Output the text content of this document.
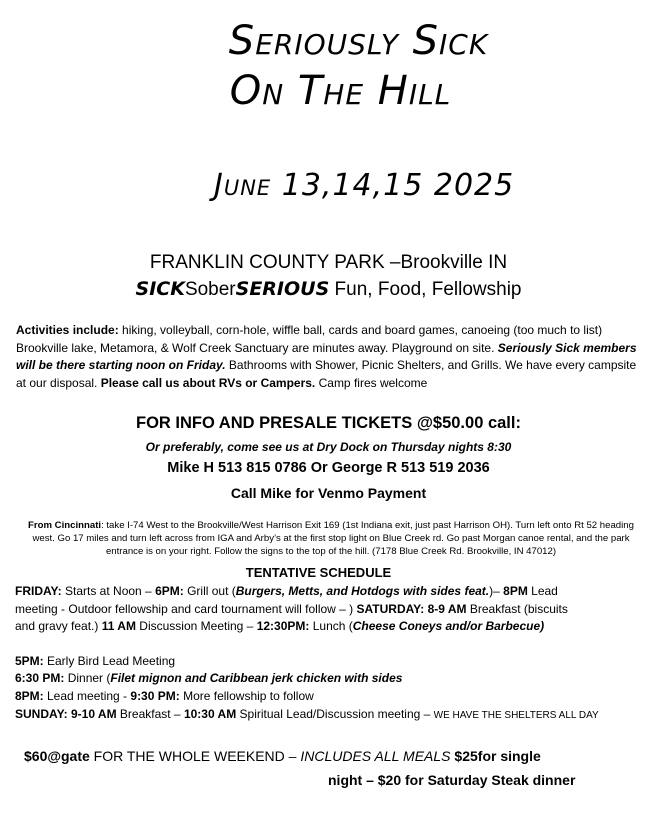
Seriously Sick
On The Hill
June 13,14,15 2025
FRANKLIN COUNTY PARK –Brookville IN
SICKSoberSERIOUS Fun, Food, Fellowship
Activities include: hiking, volleyball, corn-hole, wiffle ball, cards and board games, canoeing (too much to list) Brookville lake, Metamora, & Wolf Creek Sanctuary are minutes away. Playground on site. Seriously Sick members will be there starting noon on Friday. Bathrooms with Shower, Picnic Shelters, and Grills. We have every campsite at our disposal. Please call us about RVs or Campers. Camp fires welcome
FOR INFO AND PRESALE TICKETS @$50.00 call:
Or preferably, come see us at Dry Dock on Thursday nights 8:30
Mike H 513 815 0786 Or George R 513 519 2036
Call Mike for Venmo Payment
From Cincinnati: take I-74 West to the Brookville/West Harrison Exit 169 (1st Indiana exit, just past Harrison OH). Turn left onto Rt 52 heading west. Go 17 miles and turn left across from IGA and Arby’s at the first stop light on Blue Creek rd. Go past Morgan canoe rental, and the park entrance is on your right. Follow the signs to the top of the hill. (7178 Blue Creek Rd. Brookville, IN 47012)
TENTATIVE SCHEDULE
FRIDAY: Starts at Noon – 6PM: Grill out (Burgers, Metts, and Hotdogs with sides feat.)– 8PM Lead meeting - Outdoor fellowship and card tournament will follow – ) SATURDAY: 8-9 AM Breakfast (biscuits and gravy feat.) 11 AM Discussion Meeting – 12:30PM: Lunch (Cheese Coneys and/or Barbecue)
5PM: Early Bird Lead Meeting
6:30 PM: Dinner (Filet mignon and Caribbean jerk chicken with sides
8PM: Lead meeting - 9:30 PM: More fellowship to follow
SUNDAY: 9-10 AM Breakfast – 10:30 AM Spiritual Lead/Discussion meeting – WE HAVE THE SHELTERS ALL DAY
$60@gate FOR THE WHOLE WEEKEND – INCLUDES ALL MEALS $25for single
night – $20 for Saturday Steak dinner
